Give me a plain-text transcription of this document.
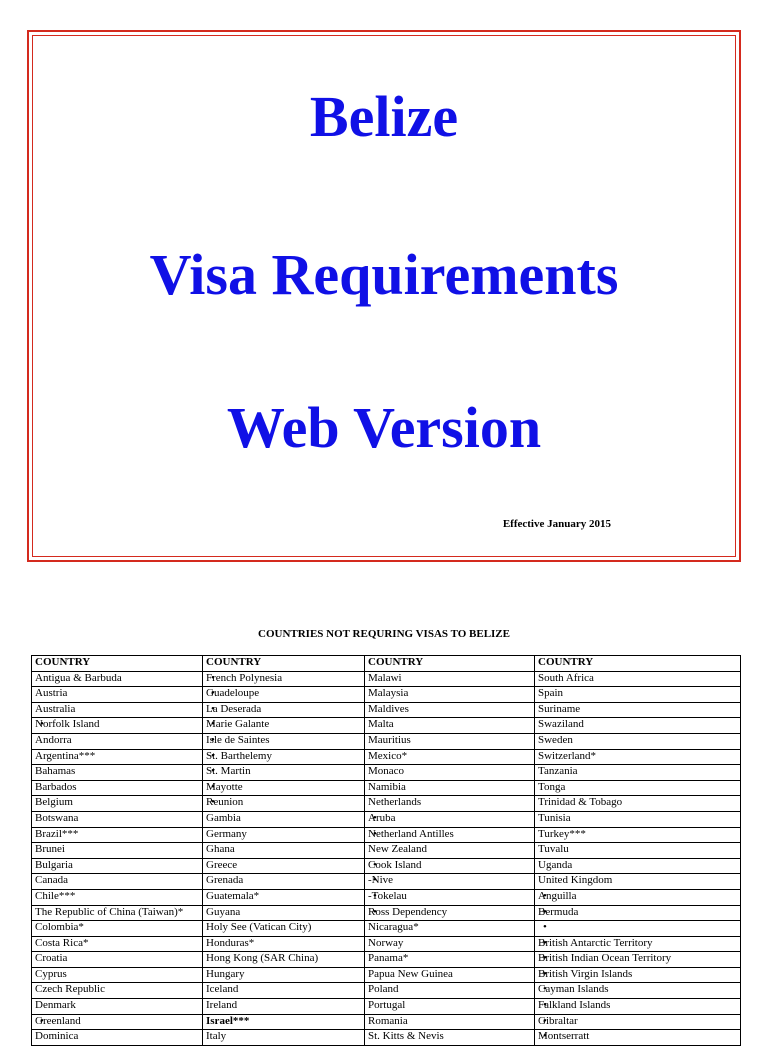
Belize
Visa Requirements
Web Version
Effective January 2015
COUNTRIES NOT REQURING VISAS TO BELIZE
COUNTRY	COUNTRY	COUNTRY	COUNTRY
Antigua & Barbuda	• French Polynesia	Malawi	South Africa
Austria	• Guadeloupe	Malaysia	Spain
Australia	• La Deserada	Maldives	Suriname
• Norfolk Island	• Marie Galante	Malta	Swaziland
Andorra	• Isle de Saintes	Mauritius	Sweden
Argentina***	• St. Barthelemy	Mexico*	Switzerland*
Bahamas	• St. Martin	Monaco	Tanzania
Barbados	• Mayotte	Namibia	Tonga
Belgium	• Reunion	Netherlands	Trinidad & Tobago
Botswana	Gambia	• Aruba	Tunisia
Brazil***	Germany	• Netherland Antilles	Turkey***
Brunei	Ghana	New Zealand	Tuvalu
Bulgaria	Greece	• Cook Island	Uganda
Canada	Grenada	• -Nive	United Kingdom
Chile***	Guatemala*	• -Tokelau	• Anguilla
The Republic of China (Taiwan)*	Guyana	• Ross Dependency	• Bermuda
Colombia*	Holy See (Vatican City)	Nicaragua*	•
Costa Rica*	Honduras*	Norway	• British Antarctic Territory
Croatia	Hong Kong (SAR China)	Panama*	• British Indian Ocean Territory
Cyprus	Hungary	Papua New Guinea	• British Virgin Islands
Czech Republic	Iceland	Poland	• Cayman Islands
Denmark	Ireland	Portugal	• Falkland Islands
• Greenland	Israel***	Romania	• Gibraltar
Dominica	Italy	St. Kitts & Nevis	• Montserratt
